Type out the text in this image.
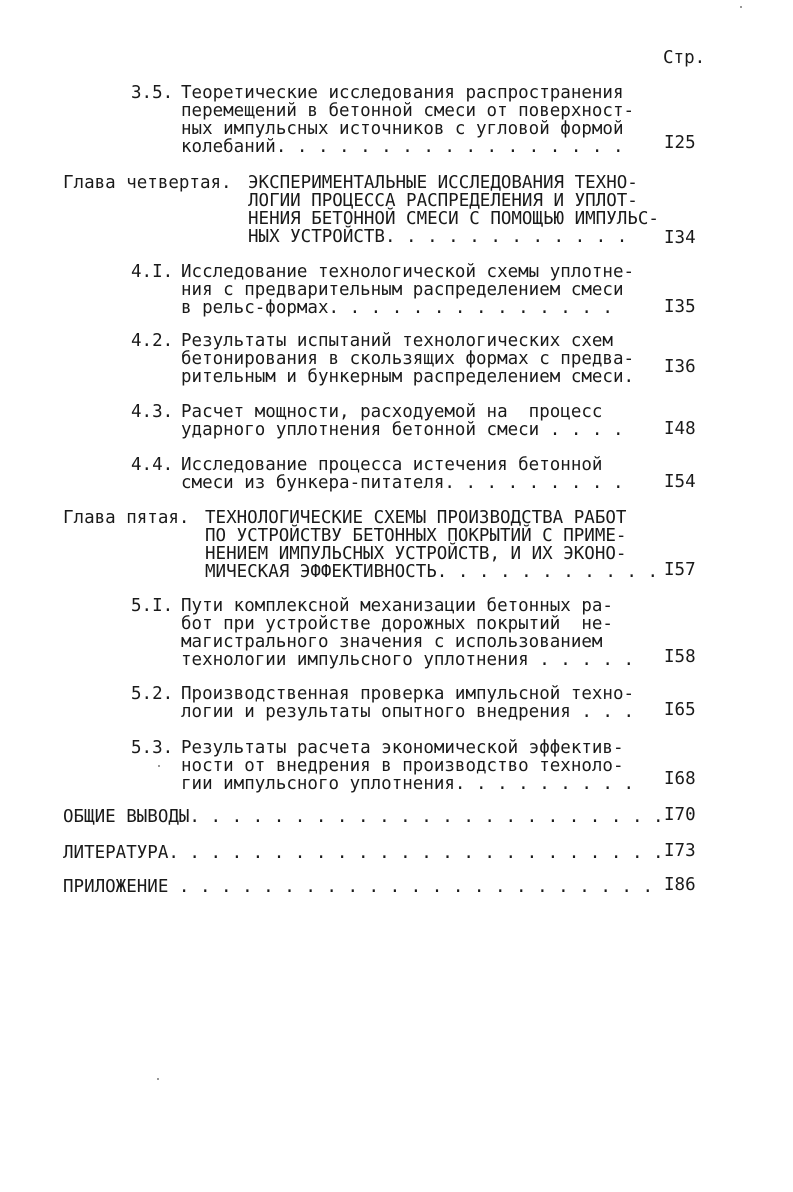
Стр.
3.5. Теоретические исследования распространения
перемещений в бетонной смеси от поверхност-
ных импульсных источников с угловой формой
колебаний. . . . . . . . . . . . . . . . . I25
Глава четвертая. ЭКСПЕРИМЕНТАЛЬНЫЕ ИССЛЕДОВАНИЯ ТЕХНО-
ЛОГИИ ПРОЦЕССА РАСПРЕДЕЛЕНИЯ И УПЛОТ-
НЕНИЯ БЕТОННОЙ СМЕСИ С ПОМОЩЬЮ ИМПУЛЬС-
НЫХ УСТРОЙСТВ. . . . . . . . . . . . I34
4.I. Исследование технологической схемы уплотне-
ния с предварительным распределением смеси
в рельс-формах. . . . . . . . . . . . . .	I35
4.2. Результаты испытаний технологических схем
бетонирования в скользящих формах с предва-
рительным и бункерным распределением смеси. I36
4.3. Расчет мощности, расходуемой на  процесс
ударного уплотнения бетонной смеси . . . . I48
4.4. Исследование процесса истечения бетонной
смеси из бункера-питателя. . . . . . . . . I54
Глава пятая. ТЕХНОЛОГИЧЕСКИЕ СХЕМЫ ПРОИЗВОДСТВА РАБОТ
ПО УСТРОЙСТВУ БЕТОННЫХ ПОКРЫТИЙ С ПРИМЕ-
НЕНИЕМ ИМПУЛЬСНЫХ УСТРОЙСТВ, И ИХ ЭКОНО-
МИЧЕСКАЯ ЭФФЕКТИВНОСТЬ. . . . . . . . . . . I57
5.I. Пути комплексной механизации бетонных ра-
бот при устройстве дорожных покрытий  не-
магистрального значения с использованием
технологии импульсного уплотнения . . . . . I58
5.2. Производственная проверка импульсной техно-
логии и результаты опытного внедрения . . . I65
5.3. Результаты расчета экономической эффектив-
ности от внедрения в производство техноло-
гии импульсного уплотнения. . . . . . . . . I68
ОБЩИЕ ВЫВОДЫ. . . . . . . . . . . . . . . . . . . . . . . I70
ЛИТЕРАТУРА. . . . . . . . . . . . . . . . . . . . . . . . I73
ПРИЛОЖЕНИЕ . . . . . . . . . . . . . . . . . . . . . . . I86
